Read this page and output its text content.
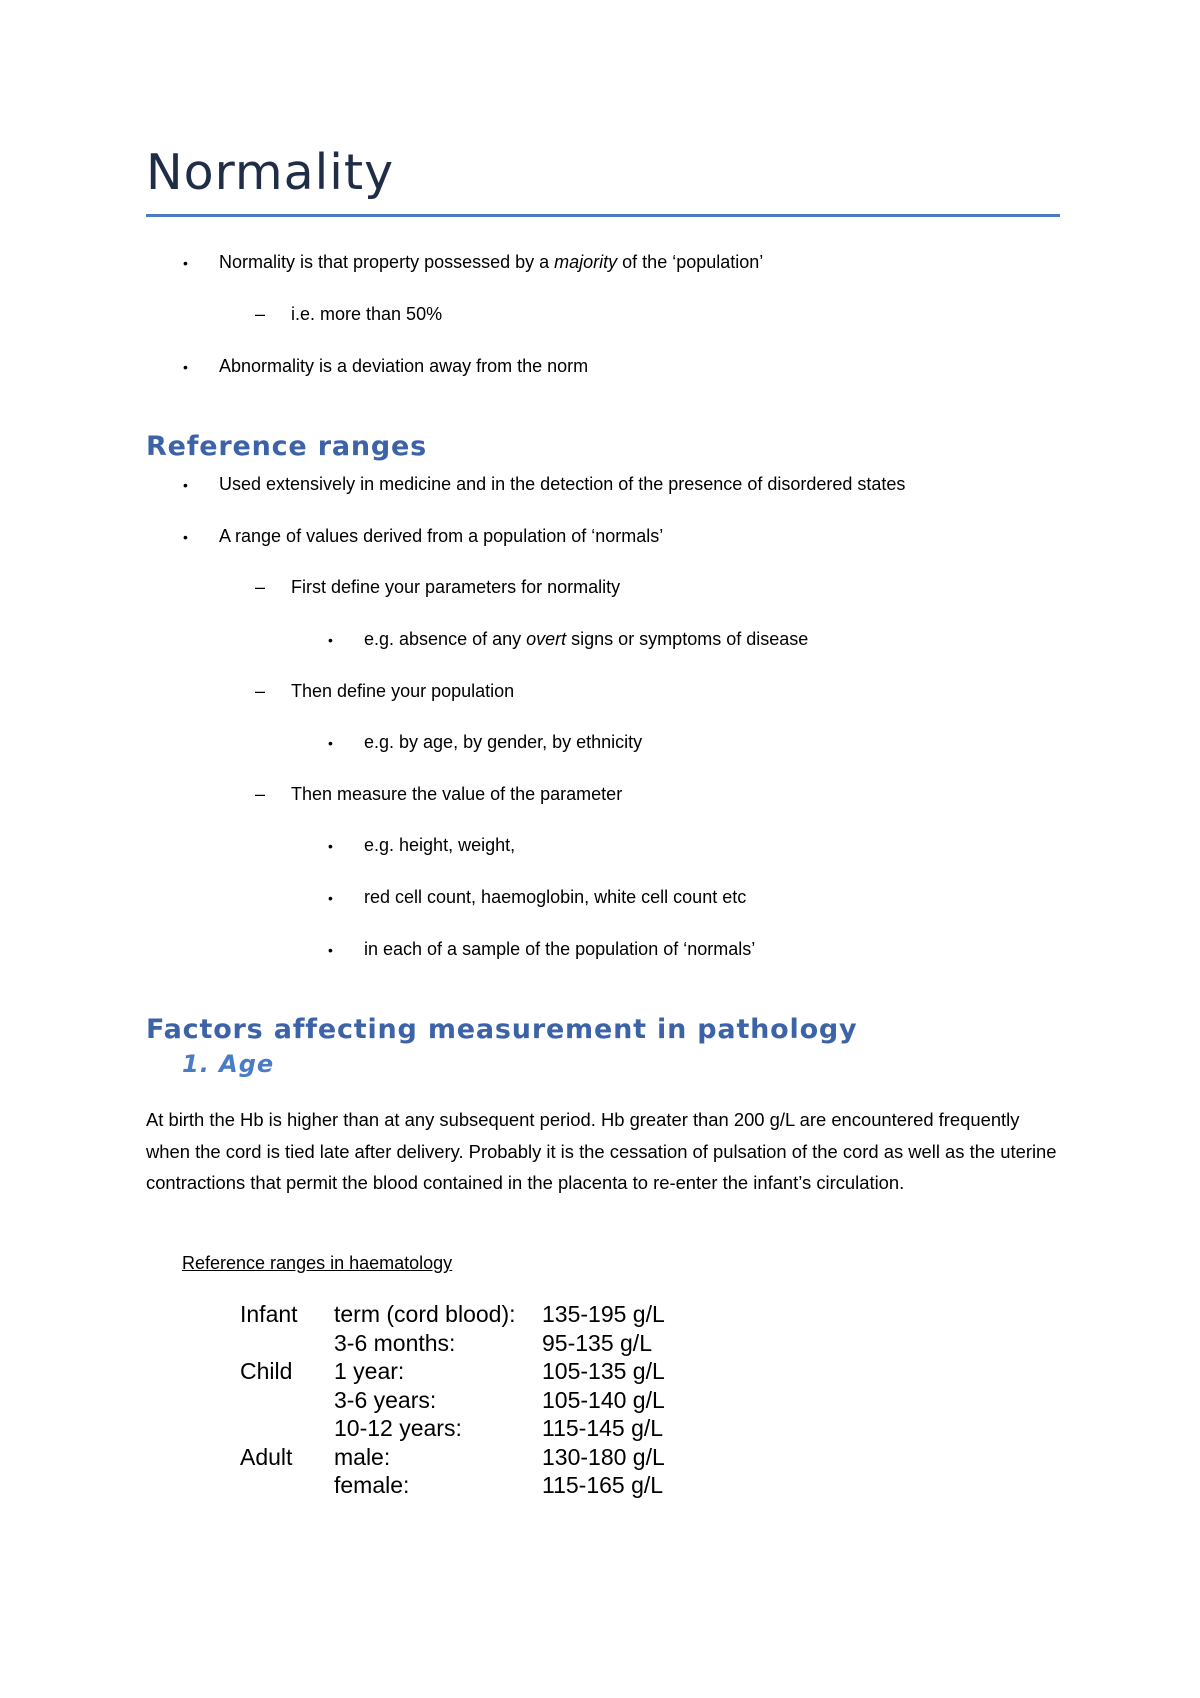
Normality
•
Normality is that property possessed by a majority of the ‘population’
–
i.e. more than 50%
•
Abnormality is a deviation away from the norm
Reference ranges
•
Used extensively in medicine and in the detection of the presence of disordered states
•
A range of values derived from a population of ‘normals’
–
First define your parameters for normality
•
e.g. absence of any overt signs or symptoms of disease
–
Then define your population
•
e.g. by age, by gender, by ethnicity
–
Then measure the value of the parameter
•
e.g. height, weight,
•
red cell count, haemoglobin, white cell count etc
•
in each of a sample of the population of ‘normals’
Factors affecting measurement in pathology
1. Age

At birth the Hb is higher than at any subsequent period. Hb greater than 200 g/L are encountered frequently when the cord is tied late after delivery. Probably it is the cessation of pulsation of the cord as well as the uterine contractions that permit the blood contained in the placenta to re-enter the infant’s circulation.

Reference ranges in haematology

Infant term (cord blood): 135-195 g/L
3-6 months:	95-135 g/L
Child 1 year:	105-135 g/L
3-6 years:	105-140 g/L
10-12 years:	115-145 g/L
Adult male:	130-180 g/L
female:	115-165 g/L
